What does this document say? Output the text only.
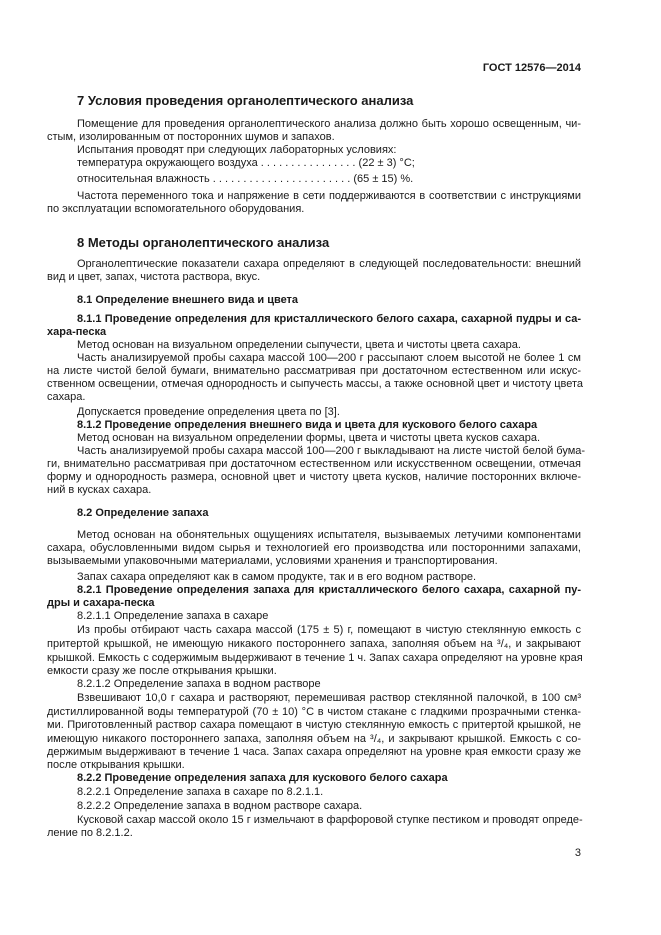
ГОСТ 12576—2014
7 Условия проведения органолептического анализа
Помещение для проведения органолептического анализа должно быть хорошо освещенным, чи-
стым, изолированным от посторонних шумов и запахов.
Испытания проводят при следующих лабораторных условиях:
температура окружающего воздуха . . . . . . . . . . . . . . . . (22 ± 3) °С;
относительная влажность . . . . . . . . . . . . . . . . . . . . . . . (65 ± 15) %.
Частота переменного тока и напряжение в сети поддерживаются в соответствии с инструкциями
по эксплуатации вспомогательного оборудования.
8 Методы органолептического анализа
Органолептические показатели сахара определяют в следующей последовательности: внешний
вид и цвет, запах, чистота раствора, вкус.
8.1 Определение внешнего вида и цвета
8.1.1 Проведение определения для кристаллического белого сахара, сахарной пудры и са-
хара-песка
Метод основан на визуальном определении сыпучести, цвета и чистоты цвета сахара.
Часть анализируемой пробы сахара массой 100—200 г рассыпают слоем высотой не более 1 см
на листе чистой белой бумаги, внимательно рассматривая при достаточном естественном или искус-
ственном освещении, отмечая однородность и сыпучесть массы, а также основной цвет и чистоту цвета
сахара.
Допускается проведение определения цвета по [3].
8.1.2 Проведение определения внешнего вида и цвета для кускового белого сахара
Метод основан на визуальном определении формы, цвета и чистоты цвета кусков сахара.
Часть анализируемой пробы сахара массой 100—200 г выкладывают на листе чистой белой бума-
ги, внимательно рассматривая при достаточном естественном или искусственном освещении, отмечая
форму и однородность размера, основной цвет и чистоту цвета кусков, наличие посторонних включе-
ний в кусках сахара.
8.2 Определение запаха
Метод основан на обонятельных ощущениях испытателя, вызываемых летучими компонентами
сахара, обусловленными видом сырья и технологией его производства или посторонними запахами,
вызываемыми упаковочными материалами, условиями хранения и транспортирования.
Запах сахара определяют как в самом продукте, так и в его водном растворе.
8.2.1 Проведение определения запаха для кристаллического белого сахара, сахарной пу-
дры и сахара-песка
8.2.1.1 Определение запаха в сахаре
Из пробы отбирают часть сахара массой (175 ± 5) г, помещают в чистую стеклянную емкость с
притертой крышкой, не имеющую никакого постороннего запаха, заполняя объем на ³/₄, и закрывают
крышкой. Емкость с содержимым выдерживают в течение 1 ч. Запах сахара определяют на уровне края
емкости сразу же после открывания крышки.
8.2.1.2 Определение запаха в водном растворе
Взвешивают 10,0 г сахара и растворяют, перемешивая раствор стеклянной палочкой, в 100 см³
дистиллированной воды температурой (70 ± 10) °С в чистом стакане с гладкими прозрачными стенка-
ми. Приготовленный раствор сахара помещают в чистую стеклянную емкость с притертой крышкой, не
имеющую никакого постороннего запаха, заполняя объем на ³/₄, и закрывают крышкой. Емкость с со-
держимым выдерживают в течение 1 часа. Запах сахара определяют на уровне края емкости сразу же
после открывания крышки.
8.2.2 Проведение определения запаха для кускового белого сахара
8.2.2.1 Определение запаха в сахаре по 8.2.1.1.
8.2.2.2 Определение запаха в водном растворе сахара.
Кусковой сахар массой около 15 г измельчают в фарфоровой ступке пестиком и проводят опреде-
ление по 8.2.1.2.
3
